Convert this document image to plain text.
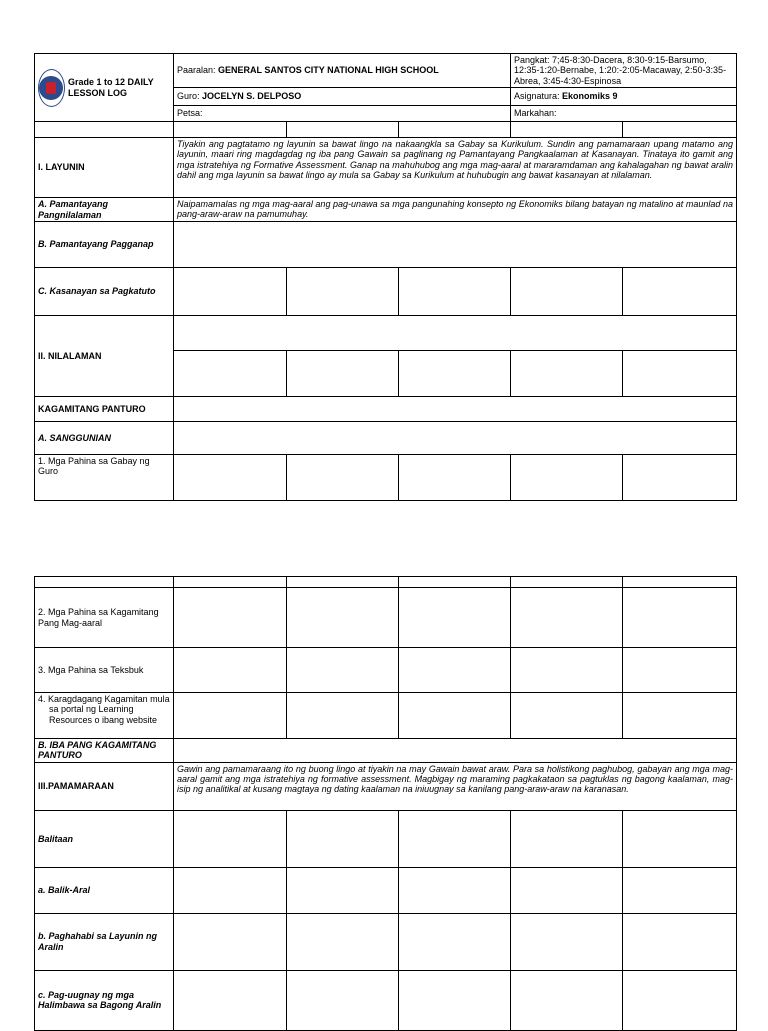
Grade 1 to 12 DAILY LESSON LOG	Paaralan: GENERAL SANTOS CITY NATIONAL HIGH SCHOOL			Pangkat: 7;45-8:30-Dacera, 8:30-9:15-Barsumo, 12:35-1:20-Bernabe, 1:20:-2:05-Macaway, 2:50-3:35-Abrea, 3:45-4:30-Espinosa	
	Guro: JOCELYN S. DELPOSO			Asignatura: Ekonomiks 9	
	Petsa:			Markahan:	

I. LAYUNIN	Tiyakin ang pagtatamo ng layunin sa bawat lingo na nakaangkla sa Gabay sa Kurikulum. Sundin ang pamamaraan upang matamo ang layunin, maari ring magdagdag ng iba pang Gawain sa paglinang ng Pamantayang Pangkaalaman at Kasanayan. Tinataya ito gamit ang mga istratehiya ng Formative Assessment. Ganap na mahuhubog ang mga mag-aaral at mararamdaman ang kahalagahan ng bawat aralin dahil ang mga layunin sa bawat lingo ay mula sa Gabay sa Kurikulum at huhubugin ang bawat kasanayan at nilalaman.				
A. Pamantayang Pangnilalaman	Naipamamalas ng mga mag-aaral ang pag-unawa sa mga pangunahing konsepto ng Ekonomiks bilang batayan ng matalino at maunlad na pang-araw-araw na pamumuhay.				
B. Pamantayang Pagganap					
C. Kasanayan sa Pagkatuto					
II. NILALAMAN					

KAGAMITANG PANTURO					
A. SANGGUNIAN					
1. Mga Pahina sa Gabay ng Guro					

2. Mga Pahina sa Kagamitang Pang Mag-aaral					
3. Mga Pahina sa Teksbuk					
4. Karagdagang Kagamitan mula sa portal ng Learning Resources o ibang website					
B. IBA PANG KAGAMITANG PANTURO					
III.PAMAMARAAN	Gawin ang pamamaraang ito ng buong lingo at tiyakin na may Gawain bawat araw. Para sa holistikong paghubog, gabayan ang mga mag-aaral gamit ang mga istratehiya ng formative assessment. Magbigay ng maraming pagkakataon sa pagtuklas ng bagong kaalaman, mag-isip ng analitikal at kusang magtaya ng dating kaalaman na iniuugnay sa kanilang pang-araw-araw na karanasan.				
Balitaan					
a. Balik-Aral					
b. Paghahabi sa Layunin ng Aralin					
c. Pag-uugnay ng mga Halimbawa sa Bagong Aralin					
